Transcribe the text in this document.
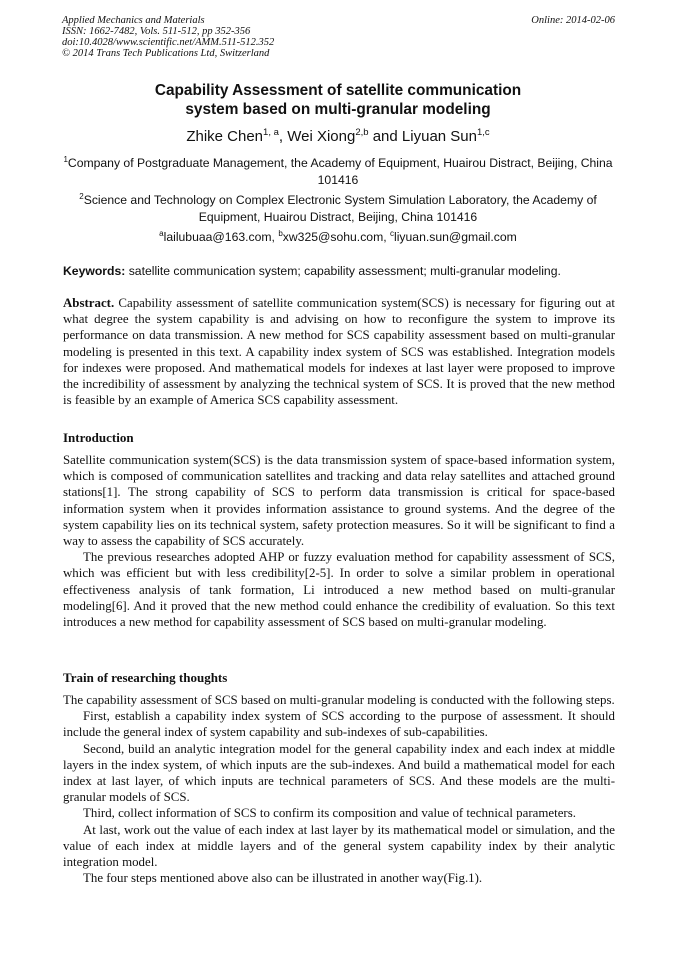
Applied Mechanics and Materials
ISSN: 1662-7482, Vols. 511-512, pp 352-356
doi:10.4028/www.scientific.net/AMM.511-512.352
© 2014 Trans Tech Publications Ltd, Switzerland
Online: 2014-02-06
Capability Assessment of satellite communication
system based on multi-granular modeling
Zhike Chen$^{1, a}$, Wei Xiong$^{2,b}$ and Liyuan Sun$^{1,c}$
$^1$Company of Postgraduate Management, the Academy of Equipment, Huairou Distract, Beijing, China 101416
$^2$Science and Technology on Complex Electronic System Simulation Laboratory, the Academy of Equipment, Huairou Distract, Beijing, China 101416
$^a$lailubuaa@163.com, $^b$xw325@sohu.com, $^c$liyuan.sun@gmail.com
Keywords: satellite communication system; capability assessment; multi-granular modeling.

Abstract. Capability assessment of satellite communication system(SCS) is necessary for figuring out at what degree the system capability is and advising on how to reconfigure the system to improve its performance on data transmission. A new method for SCS capability assessment based on multi-granular modeling is presented in this text. A capability index system of SCS was established. Integration models for indexes were proposed. And mathematical models for indexes at last layer were proposed to improve the incredibility of assessment by analyzing the technical system of SCS. It is proved that the new method is feasible by an example of America SCS capability assessment.

Introduction

Satellite communication system(SCS) is the data transmission system of space-based information system, which is composed of communication satellites and tracking and data relay satellites and attached ground stations[1]. The strong capability of SCS to perform data transmission is critical for space-based information system when it provides information assistance to ground systems. And the degree of the system capability lies on its technical system, safety protection measures. So it will be significant to find a way to assess the capability of SCS accurately.

The previous researches adopted AHP or fuzzy evaluation method for capability assessment of SCS, which was efficient but with less credibility[2-5]. In order to solve a similar problem in operational effectiveness analysis of tank formation, Li introduced a new method based on multi-granular modeling[6]. And it proved that the new method could enhance the credibility of evaluation. So this text introduces a new method for capability assessment of SCS based on multi-granular modeling.

Train of researching thoughts

The capability assessment of SCS based on multi-granular modeling is conducted with the following steps.

First, establish a capability index system of SCS according to the purpose of assessment. It should include the general index of system capability and sub-indexes of sub-capabilities.

Second, build an analytic integration model for the general capability index and each index at middle layers in the index system, of which inputs are the sub-indexes. And build a mathematical model for each index at last layer, of which inputs are technical parameters of SCS. And these models are the multi-granular models of SCS.

Third, collect information of SCS to confirm its composition and value of technical parameters.

At last, work out the value of each index at last layer by its mathematical model or simulation, and the value of each index at middle layers and of the general system capability index by their analytic integration model.

The four steps mentioned above also can be illustrated in another way(Fig.1).
